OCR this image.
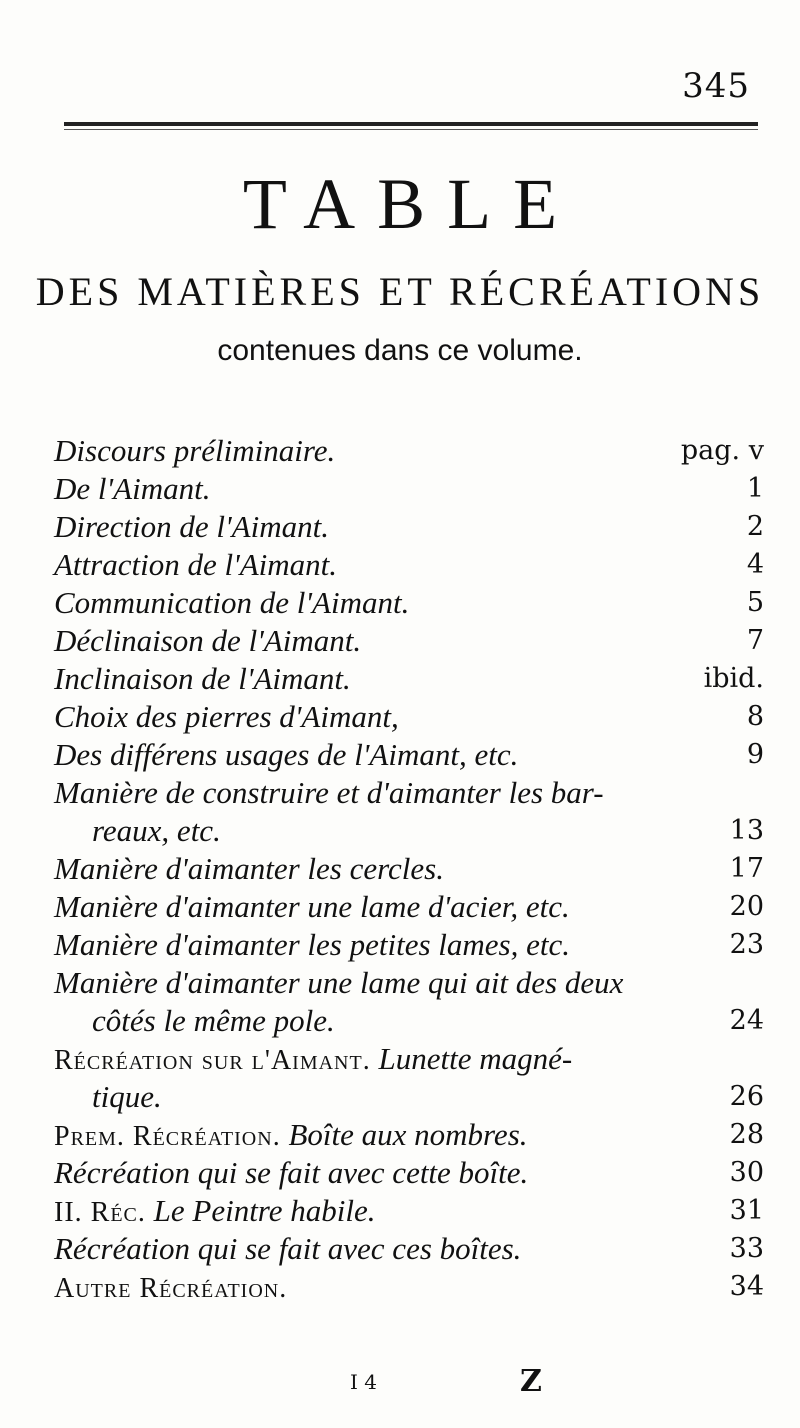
345
TABLE
DES MATIÈRES ET RÉCRÉATIONS
contenues dans ce volume.
Discours préliminaire.	pag. v
De l'Aimant.	1
Direction de l'Aimant.	2
Attraction de l'Aimant.	4
Communication de l'Aimant.	5
Déclinaison de l'Aimant.	7
Inclinaison de l'Aimant.	ibid.
Choix des pierres d'Aimant,	8
Des différens usages de l'Aimant, etc.	9
Manière de construire et d'aimanter les bar-
reaux, etc.	13
Manière d'aimanter les cercles.	17
Manière d'aimanter une lame d'acier, etc.	20
Manière d'aimanter les petites lames, etc.	23
Manière d'aimanter une lame qui ait des deux
côtés le même pole.	24
Récréation sur l'Aimant. Lunette magné-
tique.	26
Prem. Récréation. Boîte aux nombres.	28
Récréation qui se fait avec cette boîte.	30
II. Réc. Le Peintre habile.	31
Récréation qui se fait avec ces boîtes.	33
Autre Récréation.	34
I 4	Z
